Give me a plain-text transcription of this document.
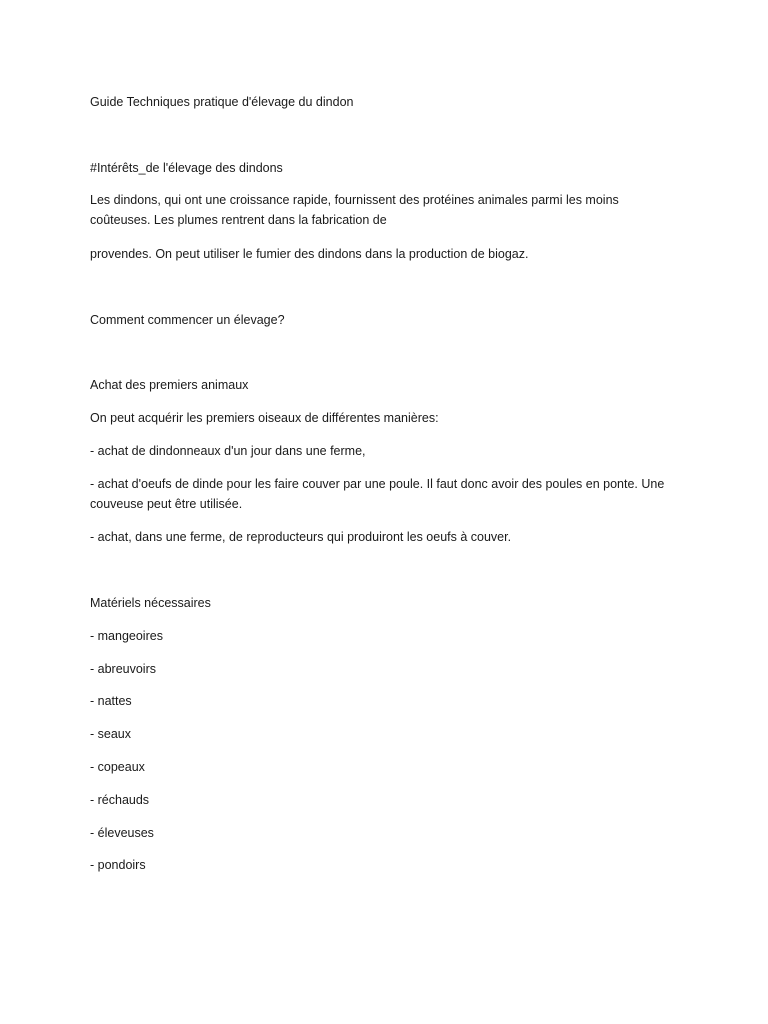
Guide Techniques pratique d'élevage du dindon
#Intérêts_de l'élevage des dindons
Les dindons, qui ont une croissance rapide, fournissent des protéines animales parmi les moins coûteuses. Les plumes rentrent dans la fabrication de
provendes. On peut utiliser le fumier des dindons dans la production de biogaz.
Comment commencer un élevage?
Achat des premiers animaux
On peut acquérir les premiers oiseaux de différentes manières:
- achat de dindonneaux d'un jour dans une ferme,
- achat d'oeufs de dinde pour les faire couver par une poule. Il faut donc avoir des poules en ponte. Une couveuse peut être utilisée.
- achat, dans une ferme, de reproducteurs qui produiront les oeufs à couver.
Matériels nécessaires
- mangeoires
- abreuvoirs
- nattes
- seaux
- copeaux
- réchauds
- éleveuses
- pondoirs
